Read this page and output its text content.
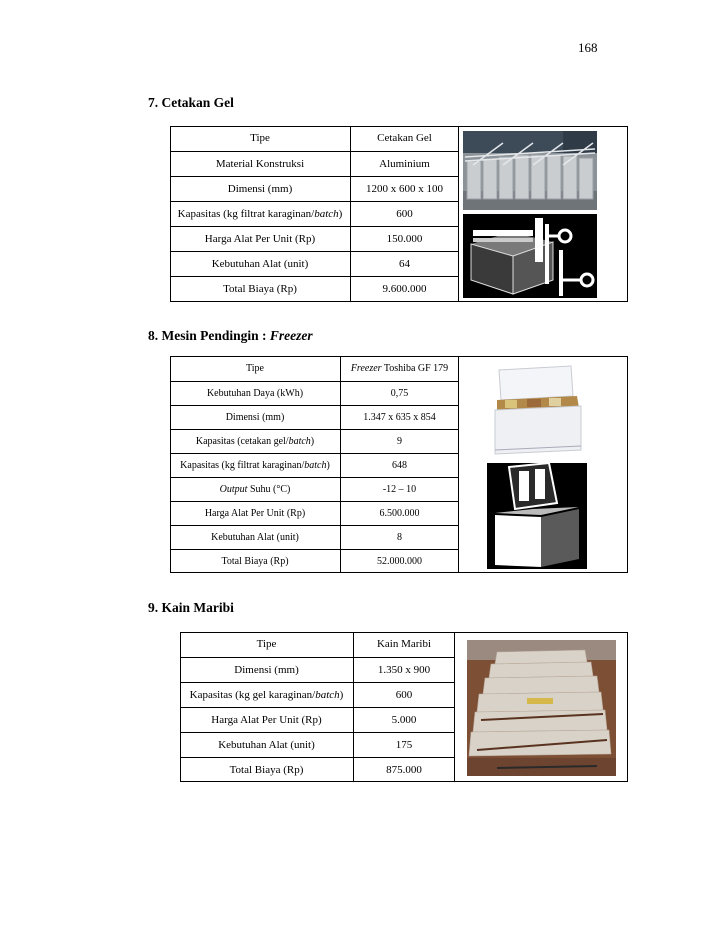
168
7. Cetakan Gel
Tipe	Cetakan Gel
Material Konstruksi	Aluminium
Dimensi (mm)	1200 x 600 x 100
Kapasitas (kg filtrat karaginan/batch)	600
Harga Alat Per Unit (Rp)	150.000
Kebutuhan Alat (unit)	64
Total Biaya (Rp)	9.600.000
8. Mesin Pendingin : Freezer
Tipe	Freezer Toshiba GF 179
Kebutuhan Daya (kWh)	0,75
Dimensi (mm)	1.347 x 635 x 854
Kapasitas (cetakan gel/batch)	9
Kapasitas (kg filtrat karaginan/batch)	648
Output Suhu (°C)	-12 – 10
Harga Alat Per Unit (Rp)	6.500.000
Kebutuhan Alat (unit)	8
Total Biaya (Rp)	52.000.000
9. Kain Maribi
Tipe	Kain Maribi
Dimensi (mm)	1.350 x 900
Kapasitas (kg gel karaginan/batch)	600
Harga Alat Per Unit (Rp)	5.000
Kebutuhan Alat (unit)	175
Total Biaya (Rp)	875.000
